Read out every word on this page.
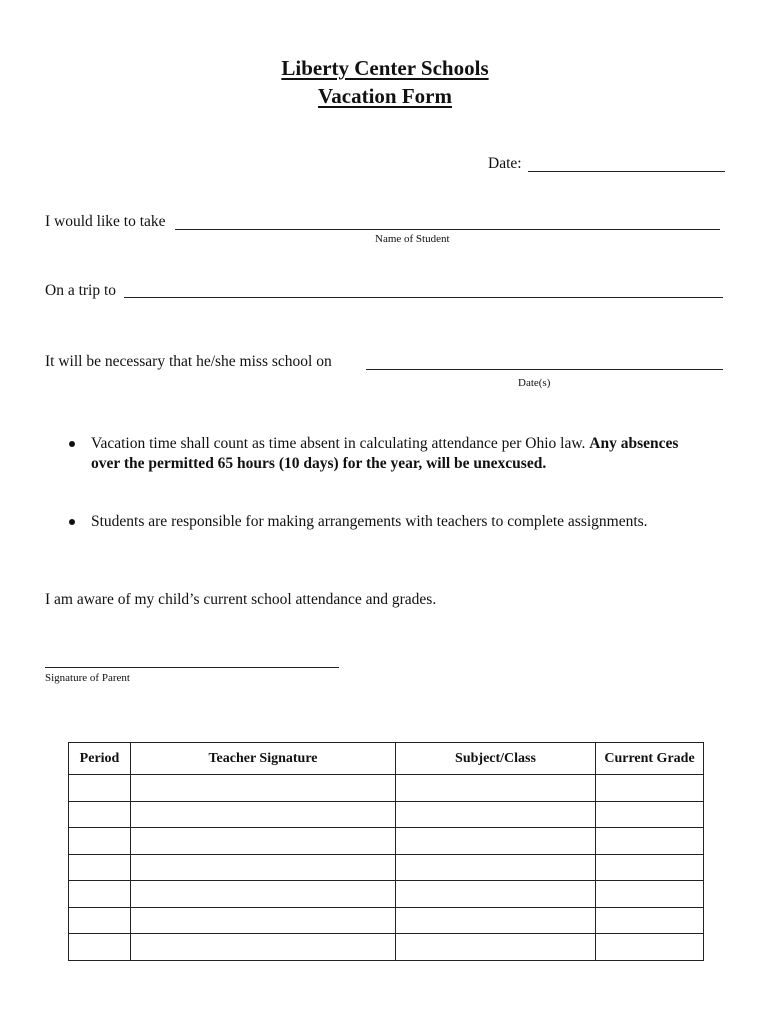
Liberty Center Schools
Vacation Form
Date:
I would like to take
Name of Student
On a trip to
It will be necessary that he/she miss school on
Date(s)
Vacation time shall count as time absent in calculating attendance per Ohio law. Any absences over the permitted 65 hours (10 days) for the year, will be unexcused.
Students are responsible for making arrangements with teachers to complete assignments.
I am aware of my child’s current school attendance and grades.
Signature of Parent
Period	Teacher Signature	Subject/Class	Current Grade
